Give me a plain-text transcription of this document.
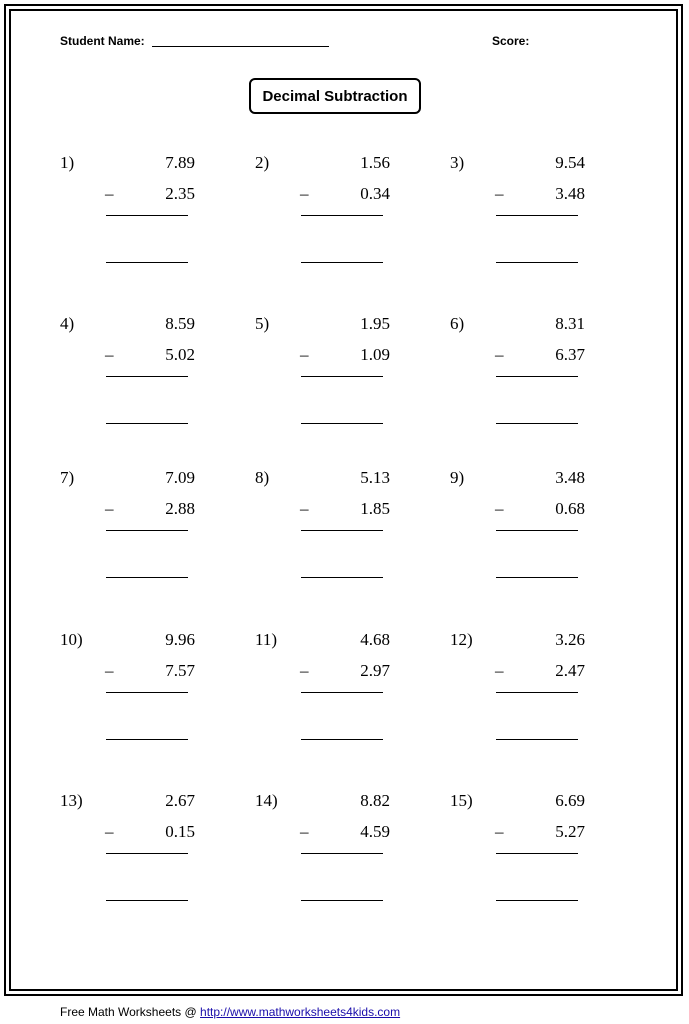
Student Name:	Score:
Decimal Subtraction
1)	7.89
–	2.35
2)	1.56
–	0.34
3)	9.54
–	3.48
4)	8.59
–	5.02
5)	1.95
–	1.09
6)	8.31
–	6.37
7)	7.09
–	2.88
8)	5.13
–	1.85
9)	3.48
–	0.68
10)	9.96
–	7.57
11)	4.68
–	2.97
12)	3.26
–	2.47
13)	2.67
–	0.15
14)	8.82
–	4.59
15)	6.69
–	5.27
Free Math Worksheets @ http://www.mathworksheets4kids.com
